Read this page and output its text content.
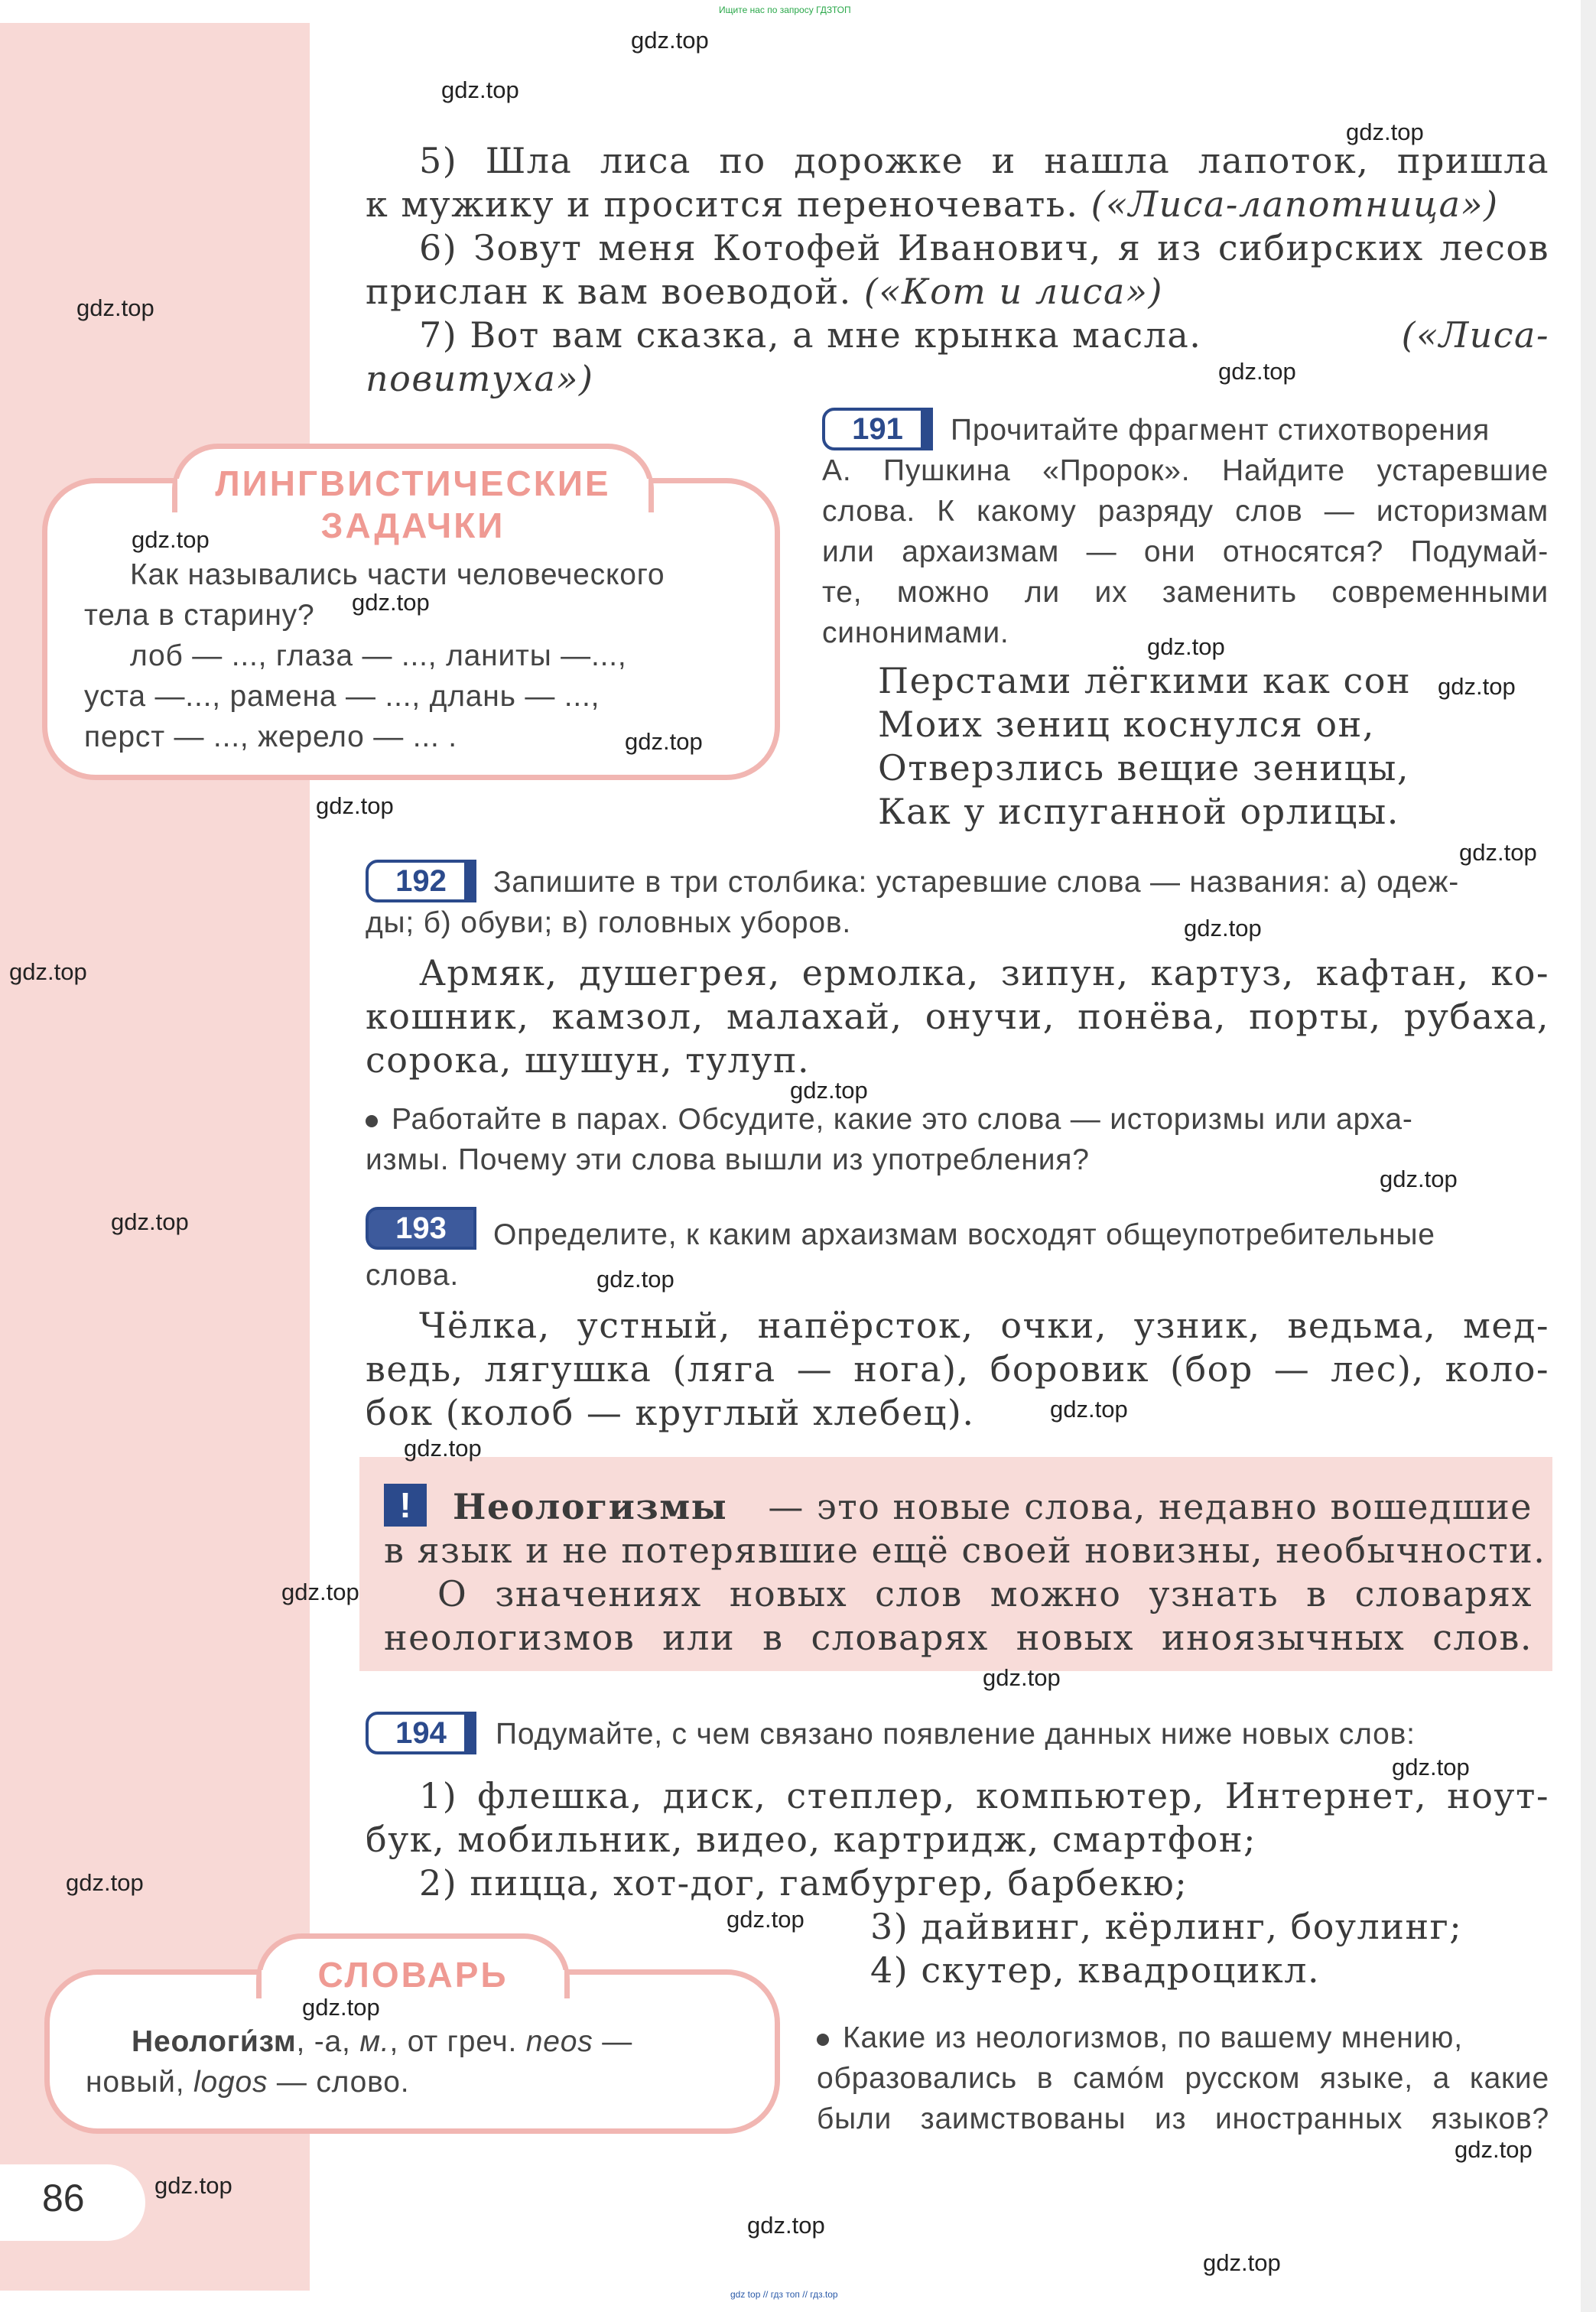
Ищите нас по запросу ГДЗТОП
gdz top // гдз топ // гдз.top
5) Шла лиса по дорожке и нашла лапоток, пришла
к мужику и просится переночевать. («Лиса-лапотница»)
6) Зовут меня Котофей Иванович, я из сибирских лесов
прислан к вам воеводой. («Кот и лиса»)
7) Вот вам сказка, а мне крынка масла.	(«Лиса-
повитуха»)
ЛИНГВИСТИЧЕСКИЕ
ЗАДАЧКИ
Как назывались части человеческого
тела в старину?
лоб — ..., глаза — ..., ланиты —...,
уста —..., рамена — ..., длань — ...,
перст — ..., жерело — ... .
191 Прочитайте фрагмент стихотворения
А. Пушкина «Пророк». Найдите устаревшие
слова. К какому разряду слов — историзмам
или архаизмам — они относятся? Подумай-
те, можно ли их заменить современными
синонимами.
Перстами лёгкими как сон
Моих зениц коснулся он,
Отверзлись вещие зеницы,
Как у испуганной орлицы.
192 Запишите в три столбика: устаревшие слова — названия: а) одеж-
ды; б) обуви; в) головных уборов.
Армяк, душегрея, ермолка, зипун, картуз, кафтан, ко-
кошник, камзол, малахай, онучи, понёва, порты, рубаха,
сорока, шушун, тулуп.
Работайте в парах. Обсудите, какие это слова — историзмы или арха-
измы. Почему эти слова вышли из употребления?
193	Определите, к каким архаизмам восходят общеупотребительные
слова.
Чёлка, устный, напёрсток, очки, узник, ведьма, мед-
ведь, лягушка (ляга — нога), боровик (бор — лес), коло-
бок (колоб — круглый хлебец).
!	Неологизмы — это новые слова, недавно вошедшие
в язык и не потерявшие ещё своей новизны, необычности.
О значениях новых слов можно узнать в словарях
неологизмов или в словарях новых иноязычных слов.
194 Подумайте, с чем связано появление данных ниже новых слов:
1) флешка, диск, степлер, компьютер, Интернет, ноут-
бук, мобильник, видео, картридж, смартфон;
2) пицца, хот-дог, гамбургер, барбекю;
3) дайвинг, кёрлинг, боулинг;
4) скутер, квадроцикл.
Какие из неологизмов, по вашему мнению,
образовались в самóм русском языке, а какие
были заимствованы из иностранных языков?
СЛОВАРЬ
Неологи́зм, -а, м., от греч. neos —
новый, logos — слово.
86
gdz.top
gdz.top
gdz.top
gdz.top
gdz.top
gdz.top
gdz.top
gdz.top
gdz.top
gdz.top
gdz.top
gdz.top
gdz.top
gdz.top
gdz.top
gdz.top
gdz.top
gdz.top
gdz.top
gdz.top
gdz.top
gdz.top
gdz.top
gdz.top
gdz.top
gdz.top
gdz.top
gdz.top
gdz.top
gdz.top
